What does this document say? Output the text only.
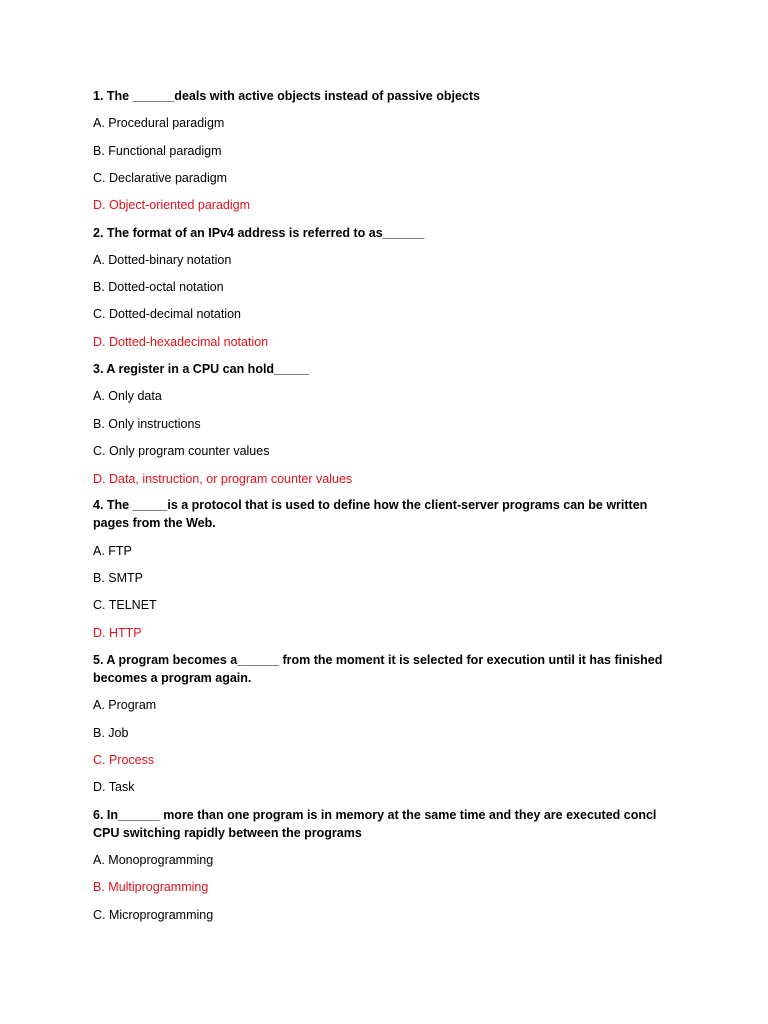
1. The ______deals with active objects instead of passive objects
A. Procedural paradigm
B. Functional paradigm
C. Declarative paradigm
D. Object-oriented paradigm
2. The format of an IPv4 address is referred to as______
A. Dotted-binary notation
B. Dotted-octal notation
C. Dotted-decimal notation
D. Dotted-hexadecimal notation
3. A register in a CPU can hold_____
A. Only data
B. Only instructions
C. Only program counter values
D. Data, instruction, or program counter values
4. The _____is a protocol that is used to define how the client-server programs can be written
pages from the Web.
A. FTP
B. SMTP
C. TELNET
D. HTTP
5. A program becomes a______ from the moment it is selected for execution until it has finished
becomes a program again.
A. Program
B. Job
C. Process
D. Task
6. In______ more than one program is in memory at the same time and they are executed concl
CPU switching rapidly between the programs
A. Monoprogramming
B. Multiprogramming
C. Microprogramming
